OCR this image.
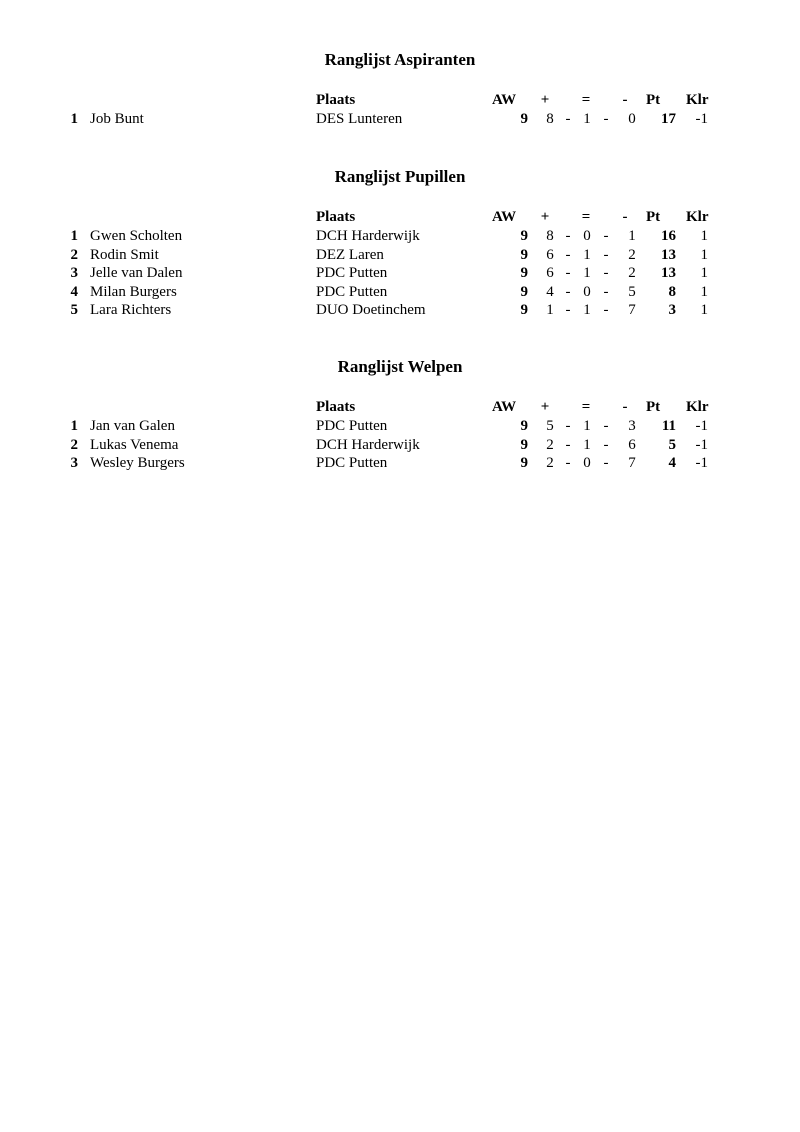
Ranglijst Aspiranten
Plaats	AW + = - Pt Klr
1 Job Bunt	DES Lunteren	9 8 - 1 -	0	17	-1
Ranglijst Pupillen
Plaats	AW + = - Pt Klr
1 Gwen Scholten	DCH Harderwijk	9 8 - 0 -	1	16	1
2 Rodin Smit	DEZ Laren	9 6 - 1 -	2	13	1
3 Jelle van Dalen	PDC Putten	9 6 - 1 -	2	13	1
4 Milan Burgers	PDC Putten	9 4 - 0 -	5	8	1
5 Lara Richters	DUO Doetinchem	9 1 - 1 -	7	3	1
Ranglijst Welpen
Plaats	AW + = - Pt Klr
1 Jan van Galen	PDC Putten	9 5 - 1 -	3	11	-1
2 Lukas Venema	DCH Harderwijk	9 2 - 1 -	6	5	-1
3 Wesley Burgers	PDC Putten	9 2 - 0 -	7	4	-1
